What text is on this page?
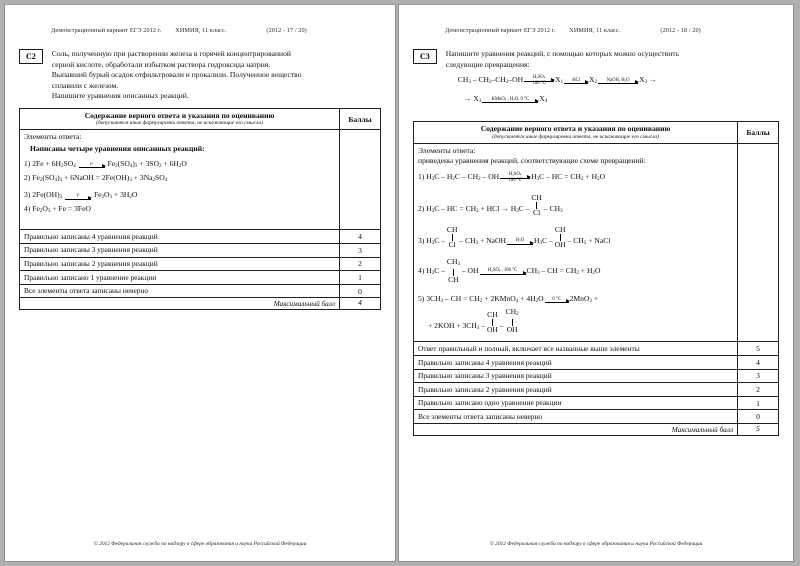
Демонстрационный вариант ЕГЭ 2012 г. ХИМИЯ, 11 класс.	(2012 - 17 / 20)
C2	Соль, полученную при растворении железа в горячей концентрированной
серной кислоте, обработали избытком раствора гидроксида натрия.
Выпавший бурый осадок отфильтровали и прокалили. Полученное вещество
сплавили с железом.
Напишите уравнения описанных реакций.
Содержание верного ответа и указания по оцениванию
(допускаются иные формулировки ответа, не искажающие его смысла)	Баллы
Элементы ответа:
Написаны четыре уравнения описанных реакций:
1) $2Fe + 6H_2SO_4$	$t^o$	$Fe_2(SO_4)_3 + 3SO_2 + 6H_2O$
2) $Fe_2(SO_4)_3$ + 6NaOH = $2Fe(OH)_3 + 3Na_2SO_4$
3) $2Fe(OH)_3$	$t^o$	$Fe_2O_3 + 3H_2O$
4) $Fe_2O_3 + Fe = 3FeO$

Правильно записаны 4 уравнения реакций	4
Правильно записаны 3 уравнения реакций	3
Правильно записаны 2 уравнения реакций	2
Правильно записано 1 уравнение реакции	1
Все элементы ответа записаны неверно	0
Максимальный балл	4
© 2012 Федеральная служба по надзору в сфере образования и науки Российской Федерации
Демонстрационный вариант ЕГЭ 2012 г. ХИМИЯ, 11 класс.	(2012 - 18 / 20)
C3	Напишите уравнения реакций, с помощью которых можно осуществить
следующие превращения:
$CH_3 - CH_2-CH_2-OH \frac{H_2SO_4}{180 ^\circ C} X_1$	HCl	$X_2$
NaOH, $H_2O$	$X_3$ →
→ $X_3$
KMnO$_4$ , $H_2O$, 0 °C	$X_4$
Содержание верного ответа и указания по оцениванию
(допускаются иные формулировки ответа, не искажающие его смысла)	Баллы

Элементы ответа:
приведены уравнения реакций, соответствующие схеме превращений:
1) $H_3C - H_2C - CH_2$ – OH $\frac{H_2SO_4}{180 ^\circ C} H_3C$ – HC = $CH_2 + H_2O$
2) $H_3C$ – HC = $CH_2$ + HCl → $H_3C$ – CH
Cl – $CH_3$
3) $H_3C$ – CH
Cl – $CH_3$ + NaOH	$H_2O$	$H_3C$ – CH
OH – $CH_3$ + NaCl
4) $H_3C - CH_3$
CH – OH	$H_2SO_4$ , 180 °C	$CH_3$ – CH = $CH_2 + H_2O$
5) $3CH_3$ – CH = $CH_2$ + 2KMnO$_4$ + $4H_2O$	0 °C	2MnO$_2$ +
+ $2KOH + 3CH_3$ – CH
OH – $CH_2$
OH

Ответ правильный и полный, включает все названные выше элементы	5
Правильно записаны 4 уравнения реакций	4
Правильно записаны 3 уравнения реакций	3
Правильно записаны 2 уравнения реакций	2
Правильно записано одно уравнение реакции	1
Все элементы ответа записаны неверно	0
Максимальный балл	5
© 2012 Федеральная служба по надзору в сфере образования и науки Российской Федерации
